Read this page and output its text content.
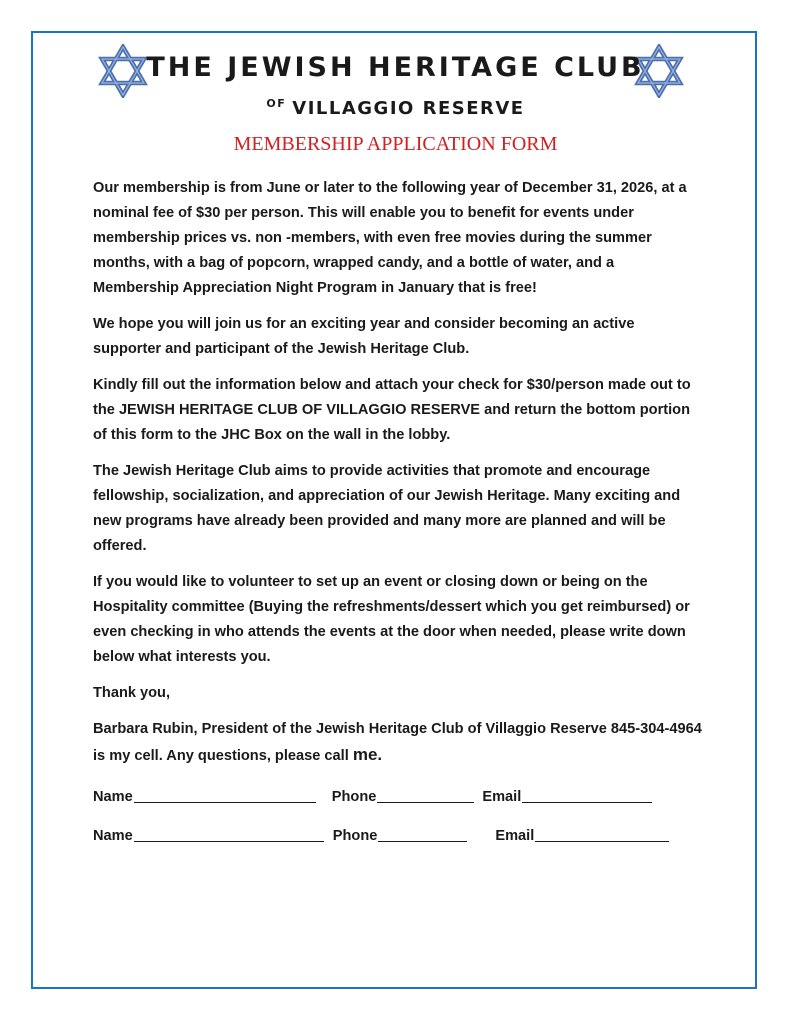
THE JEWISH HERITAGE CLUB
$^{OF}$ VILLAGGIO RESERVE
MEMBERSHIP APPLICATION FORM

Our membership is from June or later to the following year of December 31, 2026, at a nominal fee of $30 per person. This will enable you to benefit for events under membership prices vs. non -members, with even free movies during the summer months, with a bag of popcorn, wrapped candy, and a bottle of water, and a Membership Appreciation Night Program in January that is free!

We hope you will join us for an exciting year and consider becoming an active supporter and participant of the Jewish Heritage Club.

Kindly fill out the information below and attach your check for $30/person made out to the JEWISH HERITAGE CLUB OF VILLAGGIO RESERVE and return the bottom portion of this form to the JHC Box on the wall in the lobby.

The Jewish Heritage Club aims to provide activities that promote and encourage fellowship, socialization, and appreciation of our Jewish Heritage. Many exciting and new programs have already been provided and many more are planned and will be offered.

If you would like to volunteer to set up an event or closing down or being on the Hospitality committee (Buying the refreshments/dessert which you get reimbursed) or even checking in who attends the events at the door when needed, please write down below what interests you.

Thank you,

Barbara Rubin, President of the Jewish Heritage Club of Villaggio Reserve 845-304-4964 is my cell. Any questions, please call me.

Name	Phone	Email
Name	Phone	Email
